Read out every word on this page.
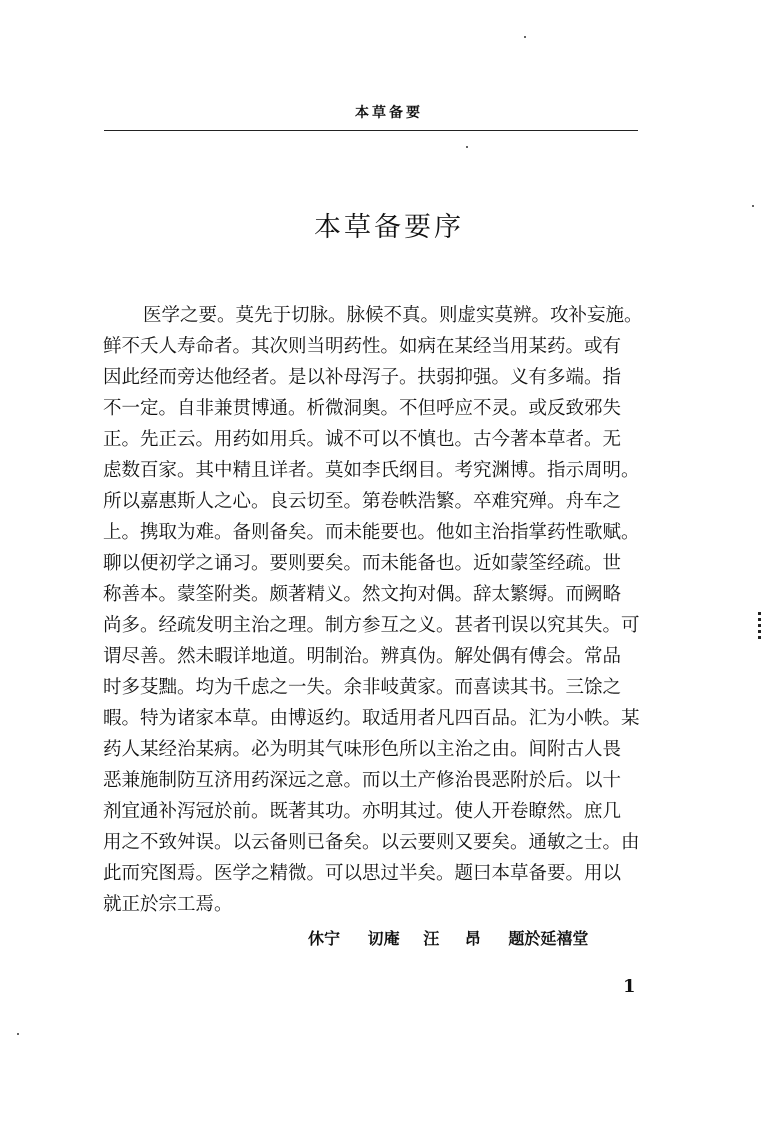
本草备要
本草备要序
医学之要。莫先于切脉。脉候不真。则虚实莫辨。攻补妄施。
鲜不夭人寿命者。其次则当明药性。如病在某经当用某药。或有
因此经而旁达他经者。是以补母泻子。扶弱抑强。义有多端。指
不一定。自非兼贯博通。析微洞奥。不但呼应不灵。或反致邪失
正。先正云。用药如用兵。诚不可以不慎也。古今著本草者。无
虑数百家。其中精且详者。莫如李氏纲目。考究渊博。指示周明。
所以嘉惠斯人之心。良云切至。第卷帙浩繁。卒难究殚。舟车之
上。携取为难。备则备矣。而未能要也。他如主治指掌药性歌赋。
聊以便初学之诵习。要则要矣。而未能备也。近如蒙筌经疏。世
称善本。蒙筌附类。颇著精义。然文拘对偶。辞太繁缛。而阙略
尚多。经疏发明主治之理。制方参互之义。甚者刊误以究其失。可
谓尽善。然未暇详地道。明制治。辨真伪。解处偶有傅会。常品
时多芟黜。均为千虑之一失。余非岐黄家。而喜读其书。三馀之
暇。特为诸家本草。由博返约。取适用者凡四百品。汇为小帙。某
药人某经治某病。必为明其气味形色所以主治之由。间附古人畏
恶兼施制防互济用药深远之意。而以土产修治畏恶附於后。以十
剂宜通补泻冠於前。既著其功。亦明其过。使人开卷瞭然。庶几
用之不致舛误。以云备则已备矣。以云要则又要矣。通敏之士。由
此而究图焉。医学之精微。可以思过半矣。题曰本草备要。用以
就正於宗工焉。
休宁 讱庵 汪 昂 题於延禧堂
1
